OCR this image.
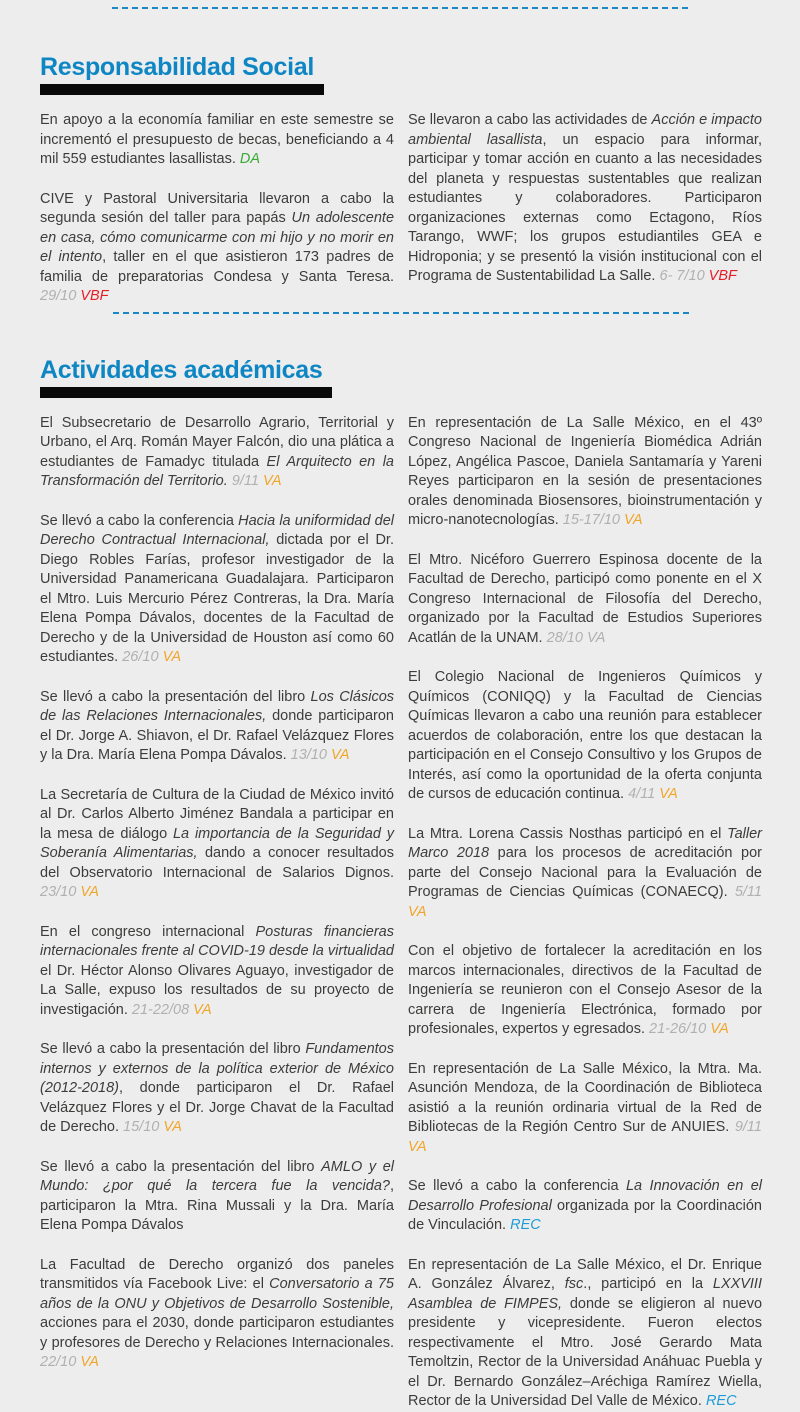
Responsabilidad Social

En apoyo a la economía familiar en este semestre se incrementó el presupuesto de becas, beneficiando a 4 mil 559 estudiantes lasallistas. DA

CIVE y Pastoral Universitaria llevaron a cabo la segunda sesión del taller para papás Un adolescente en casa, cómo comunicarme con mi hijo y no morir en el intento, taller en el que asistieron 173 padres de familia de preparatorias Condesa y Santa Teresa. 29/10 VBF

Se llevaron a cabo las actividades de Acción e impacto ambiental lasallista, un espacio para informar, participar y tomar acción en cuanto a las necesidades del planeta y respuestas sustentables que realizan estudiantes y colaboradores. Participaron organizaciones externas como Ectagono, Ríos Tarango, WWF; los grupos estudiantiles GEA e Hidroponia; y se presentó la visión institucional con el Programa de Sustentabilidad La Salle. 6- 7/10 VBF

Actividades académicas

El Subsecretario de Desarrollo Agrario, Territorial y Urbano, el Arq. Román Mayer Falcón, dio una plática a estudiantes de Famadyc titulada El Arquitecto en la Transformación del Territorio. 9/11 VA

Se llevó a cabo la conferencia Hacia la uniformidad del Derecho Contractual Internacional, dictada por el Dr. Diego Robles Farías, profesor investigador de la Universidad Panamericana Guadalajara. Participaron el Mtro. Luis Mercurio Pérez Contreras, la Dra. María Elena Pompa Dávalos, docentes de la Facultad de Derecho y de la Universidad de Houston así como 60 estudiantes. 26/10 VA

Se llevó a cabo la presentación del libro Los Clásicos de las Relaciones Internacionales, donde participaron el Dr. Jorge A. Shiavon, el Dr. Rafael Velázquez Flores y la Dra. María Elena Pompa Dávalos. 13/10 VA

La Secretaría de Cultura de la Ciudad de México invitó al Dr. Carlos Alberto Jiménez Bandala a participar en la mesa de diálogo La importancia de la Seguridad y Soberanía Alimentarias, dando a conocer resultados del Observatorio Internacional de Salarios Dignos. 23/10 VA

En el congreso internacional Posturas financieras internacionales frente al COVID-19 desde la virtualidad el Dr. Héctor Alonso Olivares Aguayo, investigador de La Salle, expuso los resultados de su proyecto de investigación. 21-22/08 VA

Se llevó a cabo la presentación del libro Fundamentos internos y externos de la política exterior de México (2012-2018), donde participaron el Dr. Rafael Velázquez Flores y el Dr. Jorge Chavat de la Facultad de Derecho. 15/10 VA

Se llevó a cabo la presentación del libro AMLO y el Mundo: ¿por qué la tercera fue la vencida?, participaron la Mtra. Rina Mussali y la Dra. María Elena Pompa Dávalos

La Facultad de Derecho organizó dos paneles transmitidos vía Facebook Live: el Conversatorio a 75 años de la ONU y Objetivos de Desarrollo Sostenible, acciones para el 2030, donde participaron estudiantes y profesores de Derecho y Relaciones Internacionales. 22/10 VA

En representación de La Salle México, en el 43º Congreso Nacional de Ingeniería Biomédica Adrián López, Angélica Pascoe, Daniela Santamaría y Yareni Reyes participaron en la sesión de presentaciones orales denominada Biosensores, bioinstrumentación y micro-nanotecnologías. 15-17/10 VA

El Mtro. Nicéforo Guerrero Espinosa docente de la Facultad de Derecho, participó como ponente en el X Congreso Internacional de Filosofía del Derecho, organizado por la Facultad de Estudios Superiores Acatlán de la UNAM. 28/10 VA

El Colegio Nacional de Ingenieros Químicos y Químicos (CONIQQ) y la Facultad de Ciencias Químicas llevaron a cabo una reunión para establecer acuerdos de colaboración, entre los que destacan la participación en el Consejo Consultivo y los Grupos de Interés, así como la oportunidad de la oferta conjunta de cursos de educación continua. 4/11 VA

La Mtra. Lorena Cassis Nosthas participó en el Taller Marco 2018 para los procesos de acreditación por parte del Consejo Nacional para la Evaluación de Programas de Ciencias Químicas (CONAECQ). 5/11 VA

Con el objetivo de fortalecer la acreditación en los marcos internacionales, directivos de la Facultad de Ingeniería se reunieron con el Consejo Asesor de la carrera de Ingeniería Electrónica, formado por profesionales, expertos y egresados. 21-26/10 VA

En representación de La Salle México, la Mtra. Ma. Asunción Mendoza, de la Coordinación de Biblioteca asistió a la reunión ordinaria virtual de la Red de Bibliotecas de la Región Centro Sur de ANUIES. 9/11 VA

Se llevó a cabo la conferencia La Innovación en el Desarrollo Profesional organizada por la Coordinación de Vinculación. REC

En representación de La Salle México, el Dr. Enrique A. González Álvarez, fsc., participó en la LXXVIII Asamblea de FIMPES, donde se eligieron al nuevo presidente y vicepresidente. Fueron electos respectivamente el Mtro. José Gerardo Mata Temoltzin, Rector de la Universidad Anáhuac Puebla y el Dr. Bernardo González–Aréchiga Ramírez Wiella, Rector de la Universidad Del Valle de México. REC
